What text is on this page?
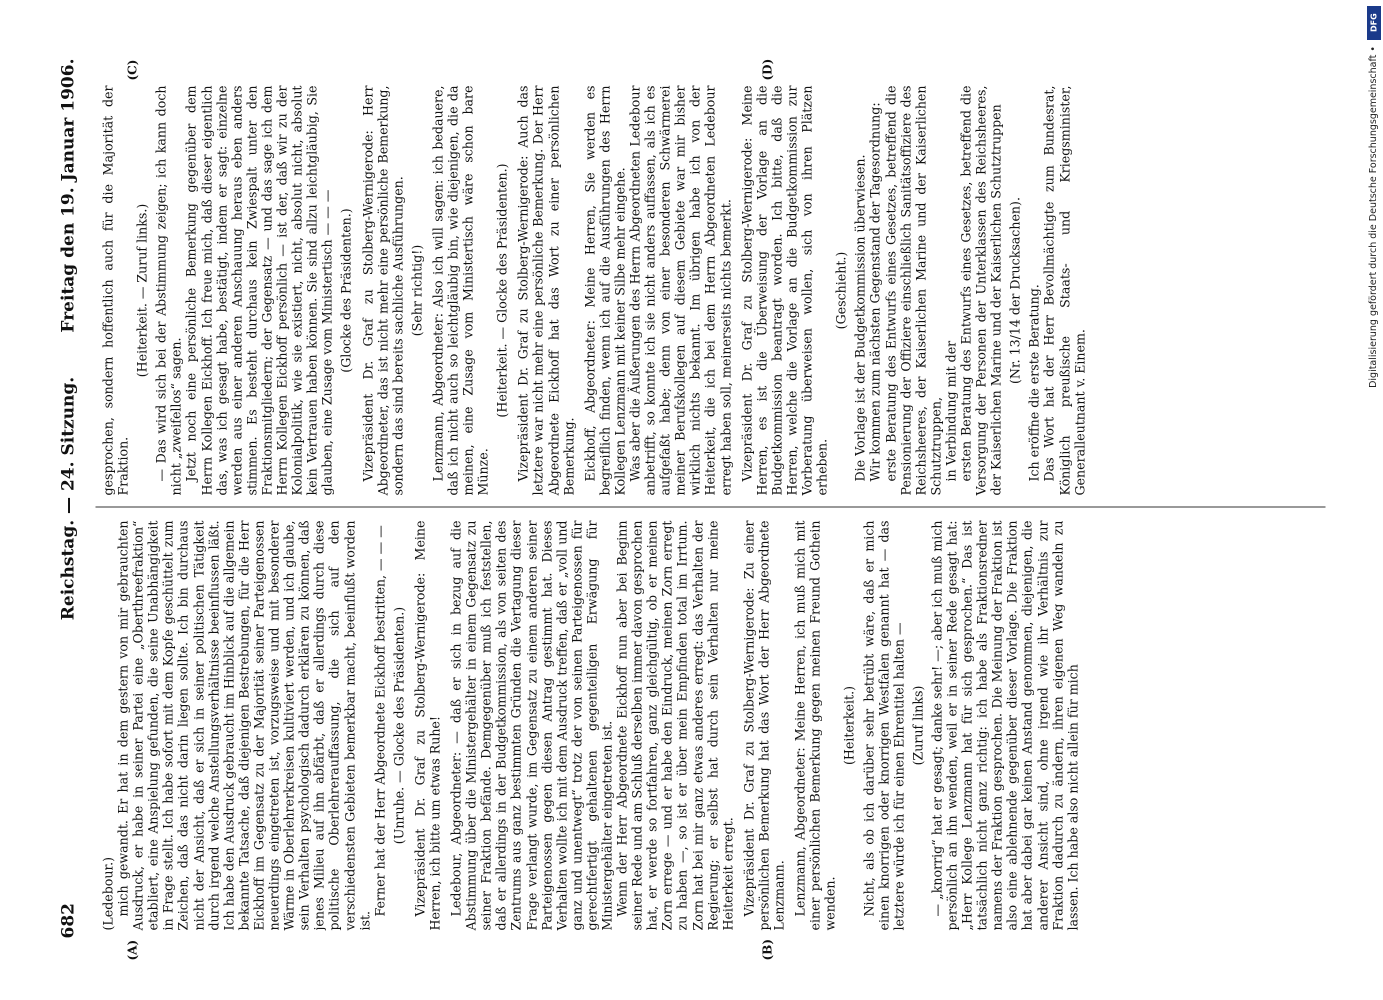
682
Reichstag. — 24. Sitzung.
Freitag den 19. Januar 1906.
(A)	(B)
(C)	(D)

(Ledebour.) mich gewandt. Er hat in dem gestern von mir gebrauchten Ausdruck, er habe in seiner Partei eine „Oberthreefraktion“ etabliert, eine Anspielung gefunden, die seine Unabhängigkeit in Frage stellt. Ich habe sofort mit dem Kopfe geschüttelt zum Zeichen, daß das nicht darin liegen sollte. Ich bin durchaus nicht der Ansicht, daß er sich in seiner politischen Tätigkeit durch irgend welche Anstellungsverhältnisse beeinflussen läßt. Ich habe den Ausdruck gebraucht im Hinblick auf die allgemein bekannte Tatsache, daß diejenigen Bestrebungen, für die Herr Eickhoff im Gegensatz zu der Majorität seiner Parteigenossen neuerdings eingetreten ist, vorzugsweise und mit besonderer Wärme in Oberlehrerkreisen kultiviert werden, und ich glaube, sein Verhalten psychologisch dadurch erklären zu können, daß jenes Milieu auf ihn abfärbt, daß er allerdings durch diese politische Oberlehrerauffassung, die sich auf den verschiedensten Gebieten bemerkbar macht, beeinflußt worden ist.

Ferner hat der Herr Abgeordnete Eickhoff bestritten, — — — (Unruhe. — Glocke des Präsidenten.) Vizepräsident Dr. Graf zu Stolberg-Wernigerode: Meine Herren, ich bitte um etwas Ruhe! Ledebour, Abgeordneter: — daß er sich in bezug auf die Abstimmung über die Ministergehälter in einem Gegensatz zu seiner Fraktion befände. Demgegenüber muß ich feststellen, daß er allerdings in der Budgetkommission, als von seiten des Zentrums aus ganz bestimmten Gründen die Vertagung dieser Frage verlangt wurde, im Gegensatz zu einem anderen seiner Parteigenossen gegen diesen Antrag gestimmt hat. Dieses Verhalten wollte ich mit dem Ausdruck treffen, daß er „voll und ganz und unentwegt“ trotz der von seinen Parteigenossen für gerechtfertigt gehaltenen gegenteiligen Erwägung für Ministergehälter eingetreten ist. Wenn der Herr Abgeordnete Eickhoff nun aber bei Beginn seiner Rede und am Schluß derselben immer davon gesprochen hat, er werde so fortfahren, ganz gleichgültig, ob er meinen Zorn errege — und er habe den Eindruck, meinen Zorn erregt zu haben —, so ist er über mein Empfinden total im Irrtum. Zorn hat bei mir ganz etwas anderes erregt: das Verhalten der Regierung; er selbst hat durch sein Verhalten nur meine Heiterkeit erregt. Vizepräsident Dr. Graf zu Stolberg-Wernigerode: Zu einer persönlichen Bemerkung hat das Wort der Herr Abgeordnete Lenzmann. Lenzmann, Abgeordneter: Meine Herren, ich muß mich mit einer persönlichen Bemerkung gegen meinen Freund Gothein wenden.

(Heiterkeit.) Nicht, als ob ich darüber sehr betrübt wäre, daß er mich einen knorrigen oder knorrigen Westfalen genannt hat — das letztere würde ich für einen Ehrentitel halten — (Zuruf links) — „knorrig“ hat er gesagt; danke sehr! —; aber ich muß mich persönlich an ihn wenden, weil er in seiner Rede gesagt hat: „Herr Kollege Lenzmann hat für sich gesprochen.“ Das ist tatsächlich nicht ganz richtig: ich habe als Fraktionsredner namens der Fraktion gesprochen. Die Meinung der Fraktion ist also eine ablehnende gegenüber dieser Vorlage. Die Fraktion hat aber dabei gar keinen Anstand genommen, diejenigen, die anderer Ansicht sind, ohne irgend wie ihr Verhältnis zur Fraktion dadurch zu ändern, ihren eigenen Weg wandeln zu lassen. Ich habe also nicht allein für mich

gesprochen, sondern hoffentlich auch für die Majorität der Fraktion.

(Heiterkeit. — Zuruf links.) — Das wird sich bei der Abstimmung zeigen; ich kann doch nicht „zweifellos“ sagen. Jetzt noch eine persönliche Bemerkung gegenüber dem Herrn Kollegen Eickhoff. Ich freue mich, daß dieser eigentlich das, was ich gesagt habe, bestätigt, indem er sagt: einzelne werden aus einer anderen Anschauung heraus eben anders stimmen. Es besteht durchaus kein Zwiespalt unter den Fraktionsmitgliedern; der Gegensatz — und das sage ich dem Herrn Kollegen Eickhoff persönlich — ist der, daß wir zu der Kolonialpolitik, wie sie existiert, nicht, absolut nicht, absolut kein Vertrauen haben können. Sie sind allzu leichtgläubig, Sie glauben, eine Zusage vom Ministertisch — — — (Glocke des Präsidenten.) Vizepräsident Dr. Graf zu Stolberg-Wernigerode: Herr Abgeordneter, das ist nicht mehr eine persönliche Bemerkung, sondern das sind bereits sachliche Ausführungen. (Sehr richtig!) Lenzmann, Abgeordneter: Also ich will sagen: ich bedauere, daß ich nicht auch so leichtgläubig bin, wie diejenigen, die da meinen, eine Zusage vom Ministertisch wäre schon bare Münze.

(Heiterkeit. — Glocke des Präsidenten.) Vizepräsident Dr. Graf zu Stolberg-Wernigerode: Auch das letztere war nicht mehr eine persönliche Bemerkung. Der Herr Abgeordnete Eickhoff hat das Wort zu einer persönlichen Bemerkung. Eickhoff, Abgeordneter: Meine Herren, Sie werden es begreiflich finden, wenn ich auf die Ausführungen des Herrn Kollegen Lenzmann mit keiner Silbe mehr eingehe. Was aber die Äußerungen des Herrn Abgeordneten Ledebour anbetrifft, so konnte ich sie nicht anders auffassen, als ich es aufgefaßt habe; denn von einer besonderen Schwärmerei meiner Berufskollegen auf diesem Gebiete war mir bisher wirklich nichts bekannt. Im übrigen habe ich von der Heiterkeit, die ich bei dem Herrn Abgeordneten Ledebour erregt haben soll, meinerseits nichts bemerkt. Vizepräsident Dr. Graf zu Stolberg-Wernigerode: Meine Herren, es ist die Überweisung der Vorlage an die Budgetkommission beantragt worden. Ich bitte, daß die Herren, welche die Vorlage an die Budgetkommission zur Vorberatung überweisen wollen, sich von ihren Plätzen erheben.

(Geschieht.) Die Vorlage ist der Budgetkommission überwiesen. Wir kommen zum nächsten Gegenstand der Tagesordnung: erste Beratung des Entwurfs eines Gesetzes, betreffend die Pensionierung der Offiziere einschließlich Sanitätsoffiziere des Reichsheeres, der Kaiserlichen Marine und der Kaiserlichen Schutztruppen, in Verbindung mit der ersten Beratung des Entwurfs eines Gesetzes, betreffend die Versorgung der Personen der Unterklassen des Reichsheeres, der Kaiserlichen Marine und der Kaiserlichen Schutztruppen (Nr. 13/14 der Drucksachen). Ich eröffne die erste Beratung. Das Wort hat der Herr Bevollmächtigte zum Bundesrat, Königlich preußische Staats- und Kriegsminister, Generalleutnant v. Einem.

DFG
Digitalisierung gefördert durch die Deutsche Forschungsgemeinschaft •
